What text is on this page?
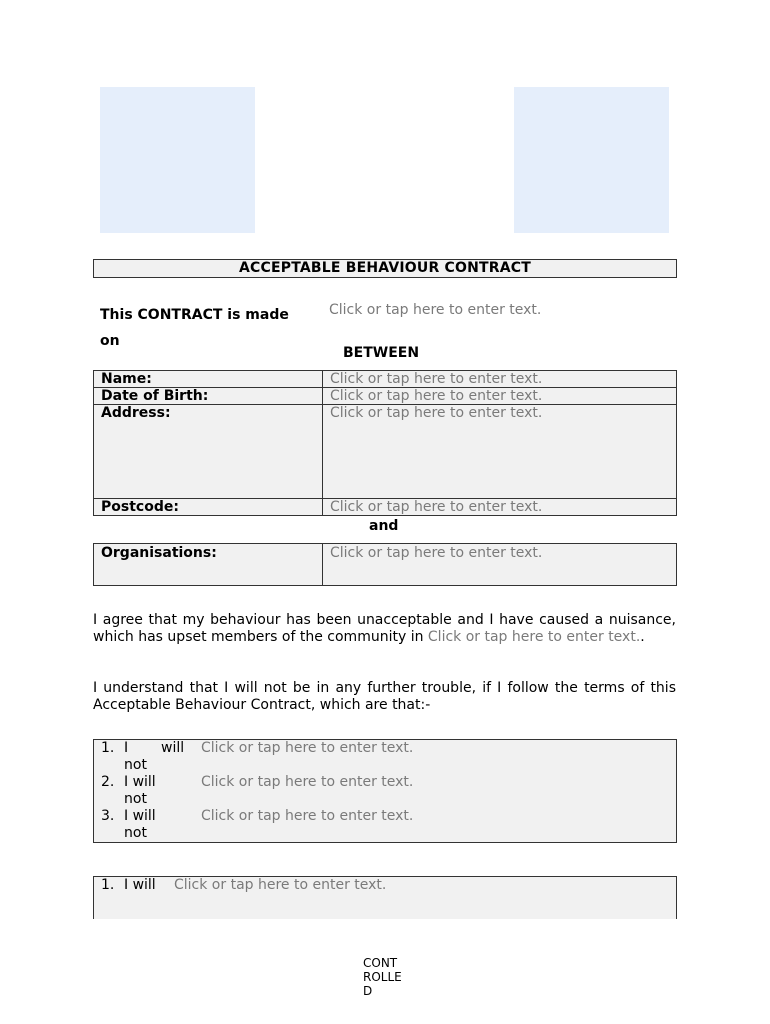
ACCEPTABLE BEHAVIOUR CONTRACT
This CONTRACT is made
on
Click or tap here to enter text.
BETWEEN
Name:	Click or tap here to enter text.
Date of Birth:	Click or tap here to enter text.
Address:	Click or tap here to enter text.
Postcode:	Click or tap here to enter text.
and
Organisations:	Click or tap here to enter text.
I agree that my behaviour has been unacceptable and I have caused a nuisance, which has upset members of the community in Click or tap here to enter text..
I understand that I will not be in any further trouble, if I follow the terms of this Acceptable Behaviour Contract, which are that:-
1. I will
not
Click or tap here to enter text.
2. I will
not
Click or tap here to enter text.
3. I will
not
Click or tap here to enter text.
1. I will Click or tap here to enter text.
CONT
ROLLE
D
